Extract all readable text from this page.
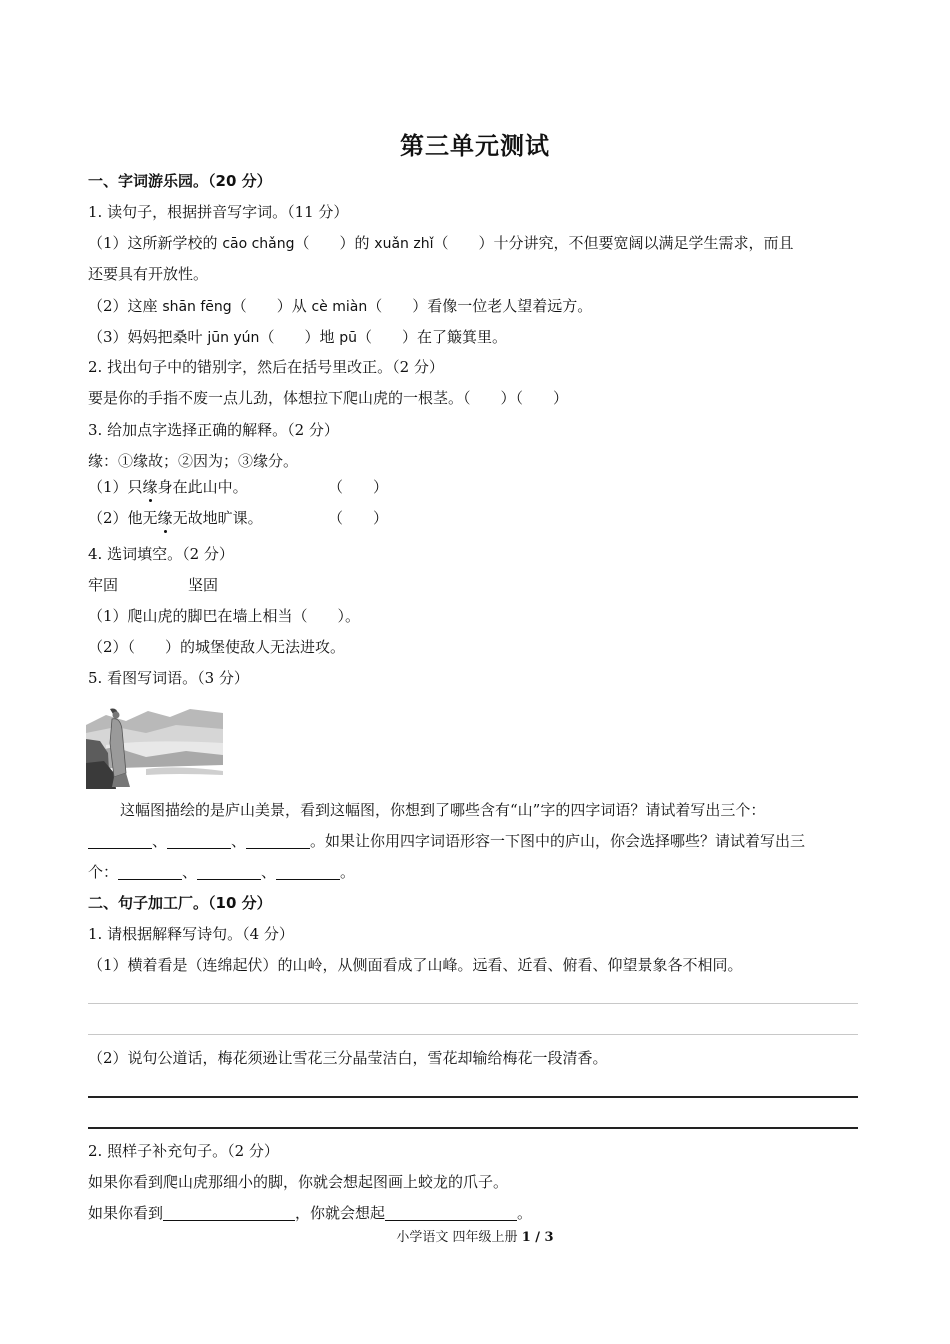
第三单元测试
一、字词游乐园。（20 分）
1. 读句子，根据拼音写字词。（11 分）
（1）这所新学校的 cāo chǎng（　　）的 xuǎn zhǐ（　　）十分讲究，不但要宽阔以满足学生需求，而且
还要具有开放性。
（2）这座 shān fēng（　　）从 cè miàn（　　）看像一位老人望着远方。
（3）妈妈把桑叶 jūn yún（　　）地 pū（　　）在了簸箕里。
2. 找出句子中的错别字，然后在括号里改正。（2 分）
要是你的手指不废一点儿劲，体想拉下爬山虎的一根茎。（　　）（　　）
3. 给加点字选择正确的解释。（2 分）
缘：①缘故；②因为；③缘分。
（1）只缘身在此山中。	（　　）
（2）他无缘无故地旷课。	（　　）
4. 选词填空。（2 分）
牢固	坚固
（1）爬山虎的脚巴在墙上相当（　　）。
（2）（　　）的城堡使敌人无法进攻。
5. 看图写词语。（3 分）
这幅图描绘的是庐山美景，看到这幅图，你想到了哪些含有“山”字的四字词语？请试着写出三个：
、	、	。如果让你用四字词语形容一下图中的庐山，你会选择哪些？请试着写出三
个：	、	、	。
二、句子加工厂。（10 分）
1. 请根据解释写诗句。（4 分）
（1）横着看是（连绵起伏）的山岭，从侧面看成了山峰。远看、近看、俯看、仰望景象各不相同。
（2）说句公道话，梅花须逊让雪花三分晶莹洁白，雪花却输给梅花一段清香。
2. 照样子补充句子。（2 分）
如果你看到爬山虎那细小的脚，你就会想起图画上蛟龙的爪子。
如果你看到	，你就会想起	。
小学语文 四年级上册 1 / 3
